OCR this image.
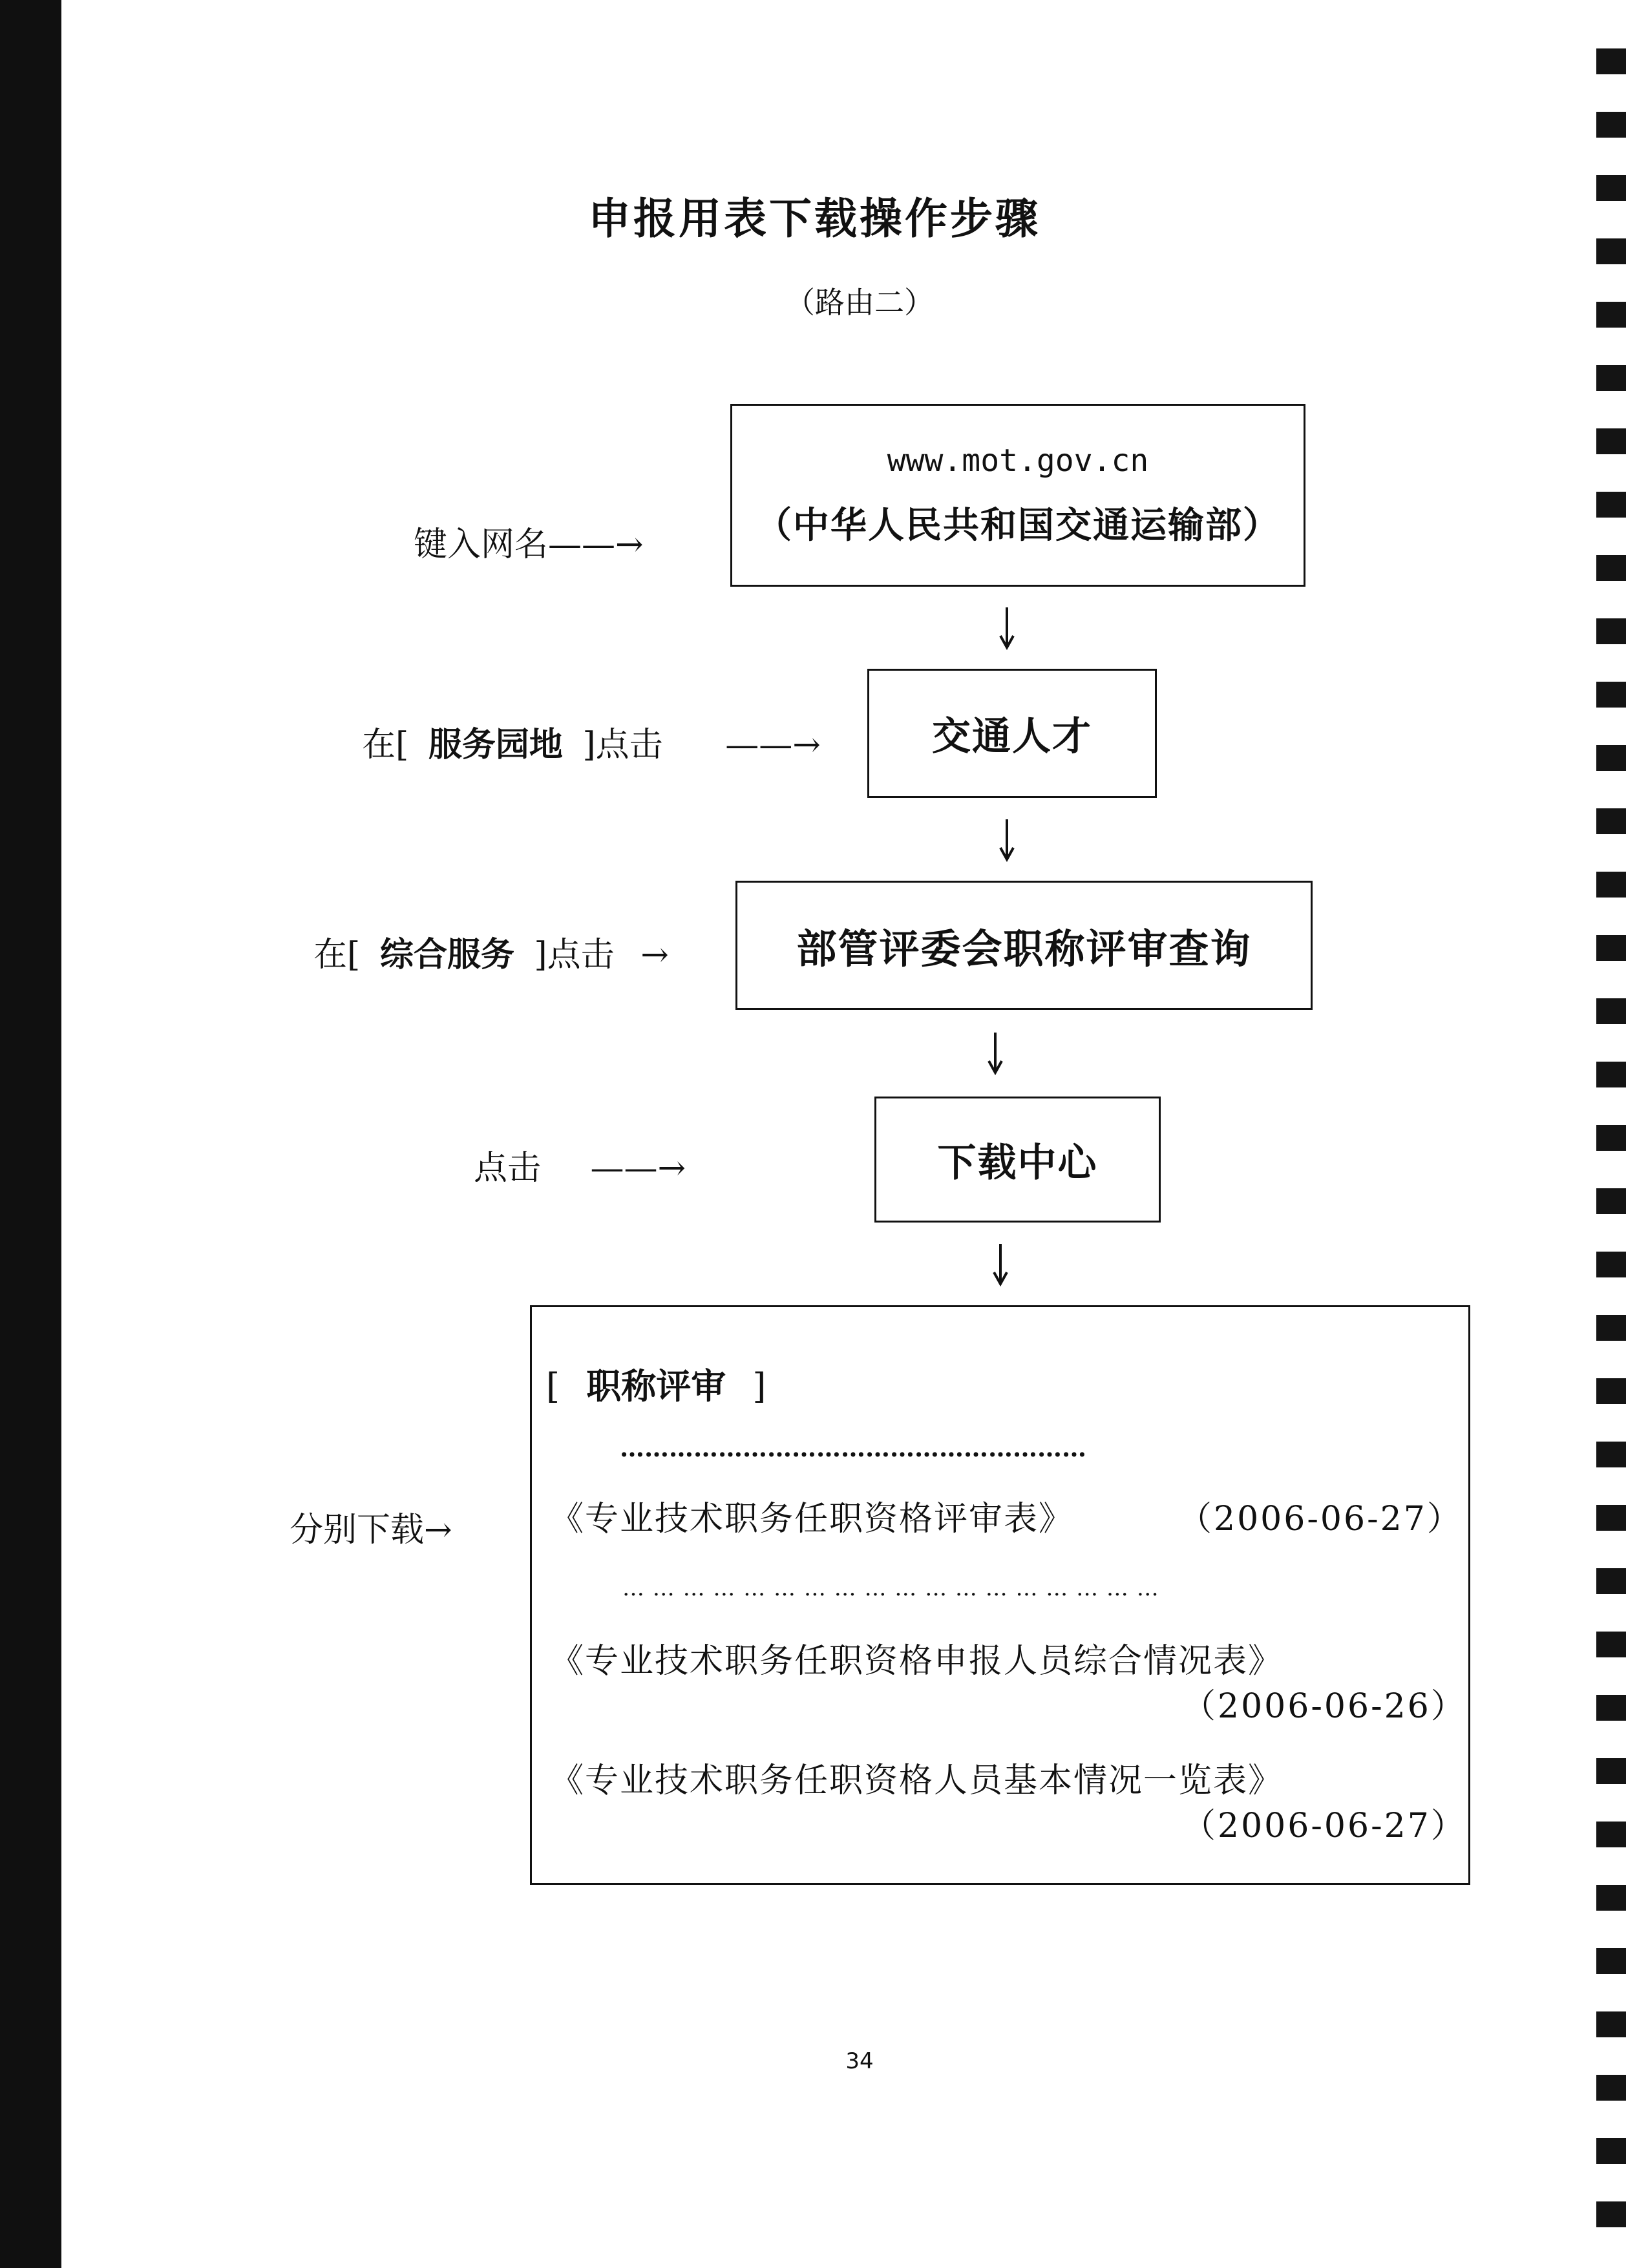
申报用表下载操作步骤
（路由二）
键入网名——→
www.mot.gov.cn
（中华人民共和国交通运输部）
在[ 服务园地 ]点击 ——→	交通人才
在[ 综合服务 ]点击 →	部管评委会职称评审查询
点击 ——→	下载中心
分别下载→
[ 职称评审 ]
…………………………………………………
《专业技术职务任职资格评审表》	（2006-06-27）
… … … … … … … … … … … … … … … … … …
《专业技术职务任职资格申报人员综合情况表》
（2006-06-26）
《专业技术职务任职资格人员基本情况一览表》
（2006-06-27）
34
